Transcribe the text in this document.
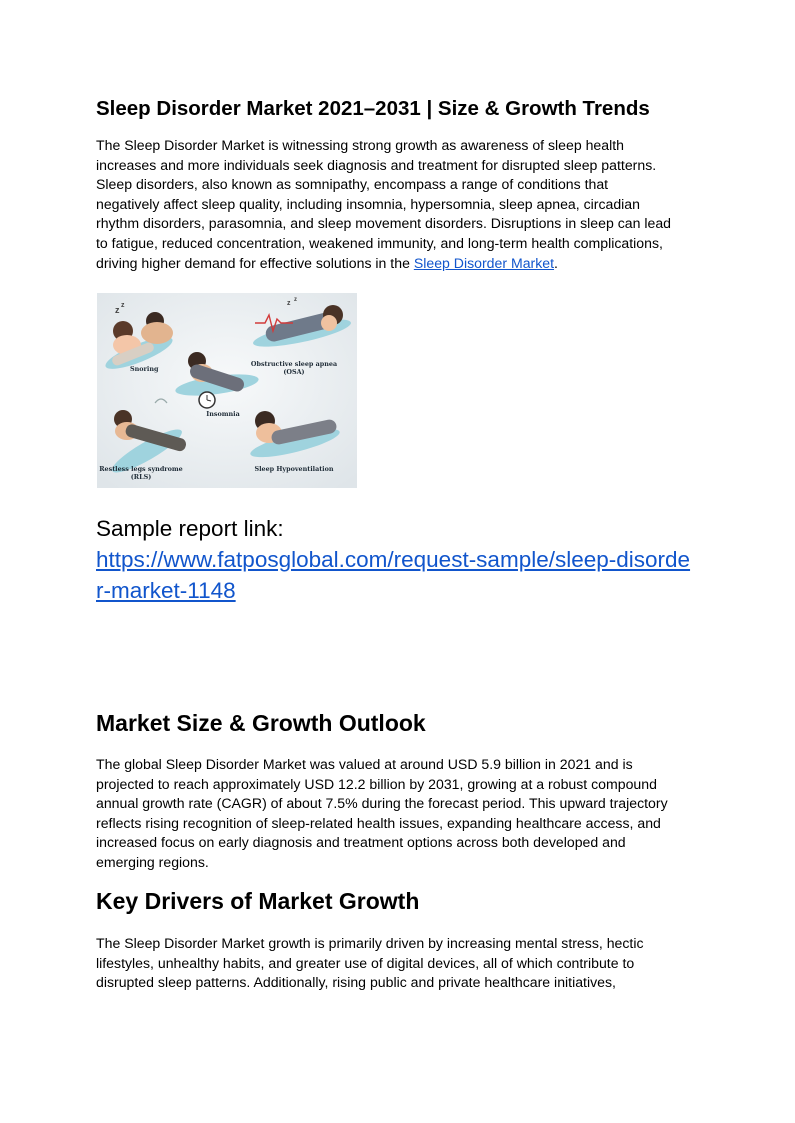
Sleep Disorder Market 2021–2031 | Size & Growth Trends

The Sleep Disorder Market is witnessing strong growth as awareness of sleep health
increases and more individuals seek diagnosis and treatment for disrupted sleep patterns.
Sleep disorders, also known as somnipathy, encompass a range of conditions that
negatively affect sleep quality, including insomnia, hypersomnia, sleep apnea, circadian
rhythm disorders, parasomnia, and sleep movement disorders. Disruptions in sleep can lead
to fatigue, reduced concentration, weakened immunity, and long-term health complications,
driving higher demand for effective solutions in the Sleep Disorder Market.

z z
Snoring
z z
Obstructive sleep apnea
(OSA)
Insomnia
Restless legs syndrome
(RLS)
Sleep Hypoventilation
Sample report link:
https://www.fatposglobal.com/request-sample/sleep-disorde
r-market-1148
Market Size & Growth Outlook

The global Sleep Disorder Market was valued at around USD 5.9 billion in 2021 and is
projected to reach approximately USD 12.2 billion by 2031, growing at a robust compound
annual growth rate (CAGR) of about 7.5% during the forecast period. This upward trajectory
reflects rising recognition of sleep-related health issues, expanding healthcare access, and
increased focus on early diagnosis and treatment options across both developed and
emerging regions.

Key Drivers of Market Growth

The Sleep Disorder Market growth is primarily driven by increasing mental stress, hectic
lifestyles, unhealthy habits, and greater use of digital devices, all of which contribute to
disrupted sleep patterns. Additionally, rising public and private healthcare initiatives,
